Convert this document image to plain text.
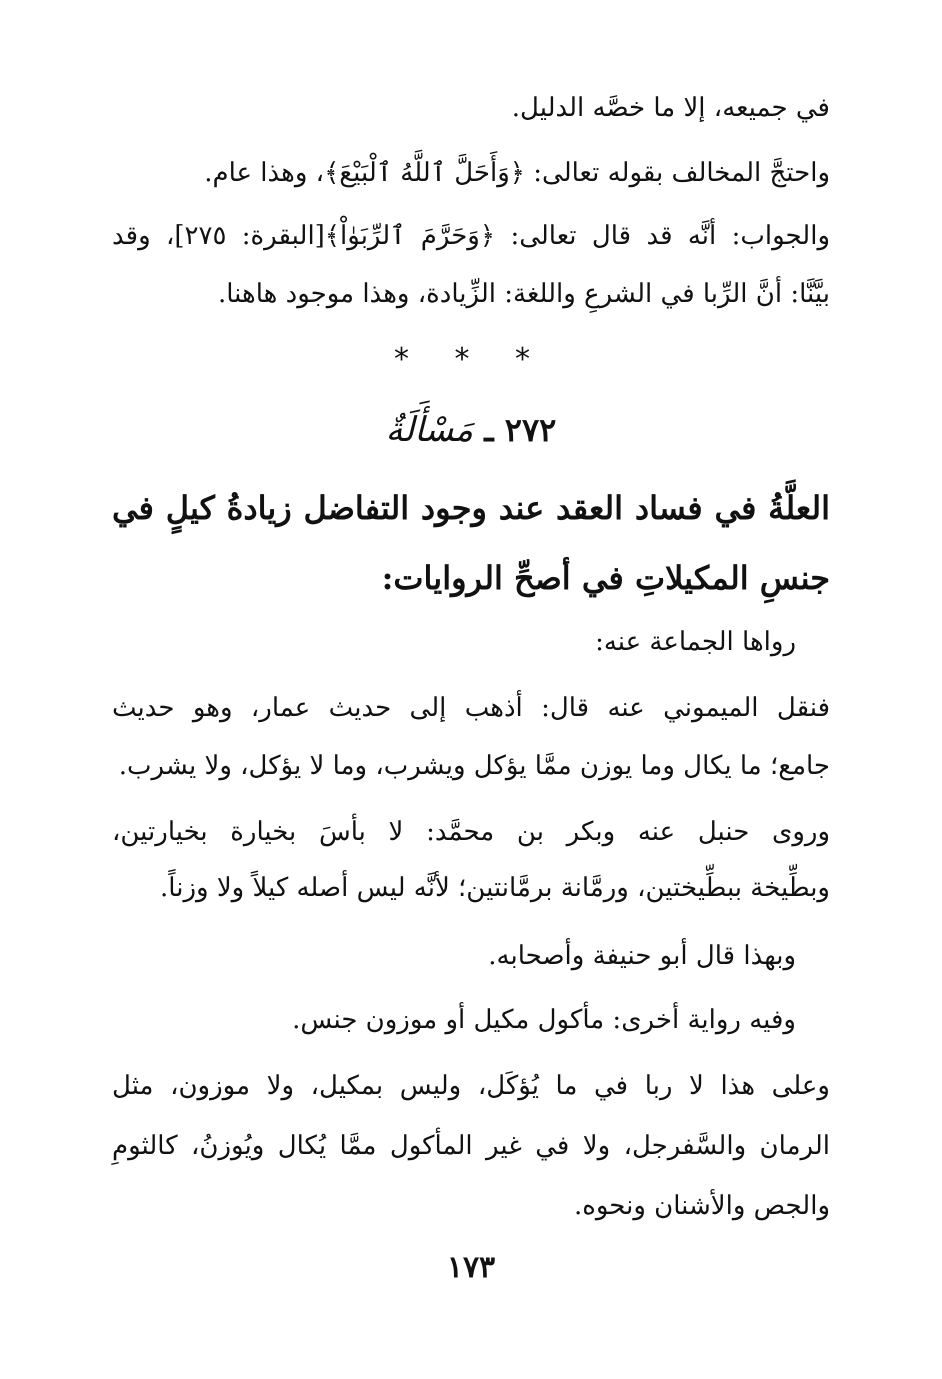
في جميعه، إلا ما خصَّه الدليل.
واحتجَّ المخالف بقوله تعالى: ﴿وَأَحَلَّ ٱللَّهُ ٱلْبَيْعَ﴾، وهذا عام.
والجواب: أنَّه قد قال تعالى: ﴿وَحَرَّمَ ٱلرِّبَوٰاْ﴾[البقرة: ٢٧٥]، وقد
بيَّنَّا: أنَّ الرِّبا في الشرعِ واللغة: الزِّيادة، وهذا موجود هاهنا.
* * *
٢٧٢ ـ مَسْأَلَةٌ
العلَّةُ في فساد العقد عند وجود التفاضل زيادةُ كيلٍ في
جنسِ المكيلاتِ في أصحِّ الروايات:
رواها الجماعة عنه:
فنقل الميموني عنه قال: أذهب إلى حديث عمار، وهو حديث
جامع؛ ما يكال وما يوزن ممَّا يؤكل ويشرب، وما لا يؤكل، ولا يشرب.
وروى حنبل عنه وبكر بن محمَّد: لا بأسَ بخيارة بخيارتين،
وبطِّيخة ببطِّيختين، ورمَّانة برمَّانتين؛ لأنَّه ليس أصله كيلاً ولا وزناً.
وبهذا قال أبو حنيفة وأصحابه.
وفيه رواية أخرى: مأكول مكيل أو موزون جنس.
وعلى هذا لا ربا في ما يُؤكَل، وليس بمكيل، ولا موزون، مثل
الرمان والسَّفرجل، ولا في غير المأكول ممَّا يُكال ويُوزنُ، كالثومِ
والجص والأشنان ونحوه.
١٧٣
